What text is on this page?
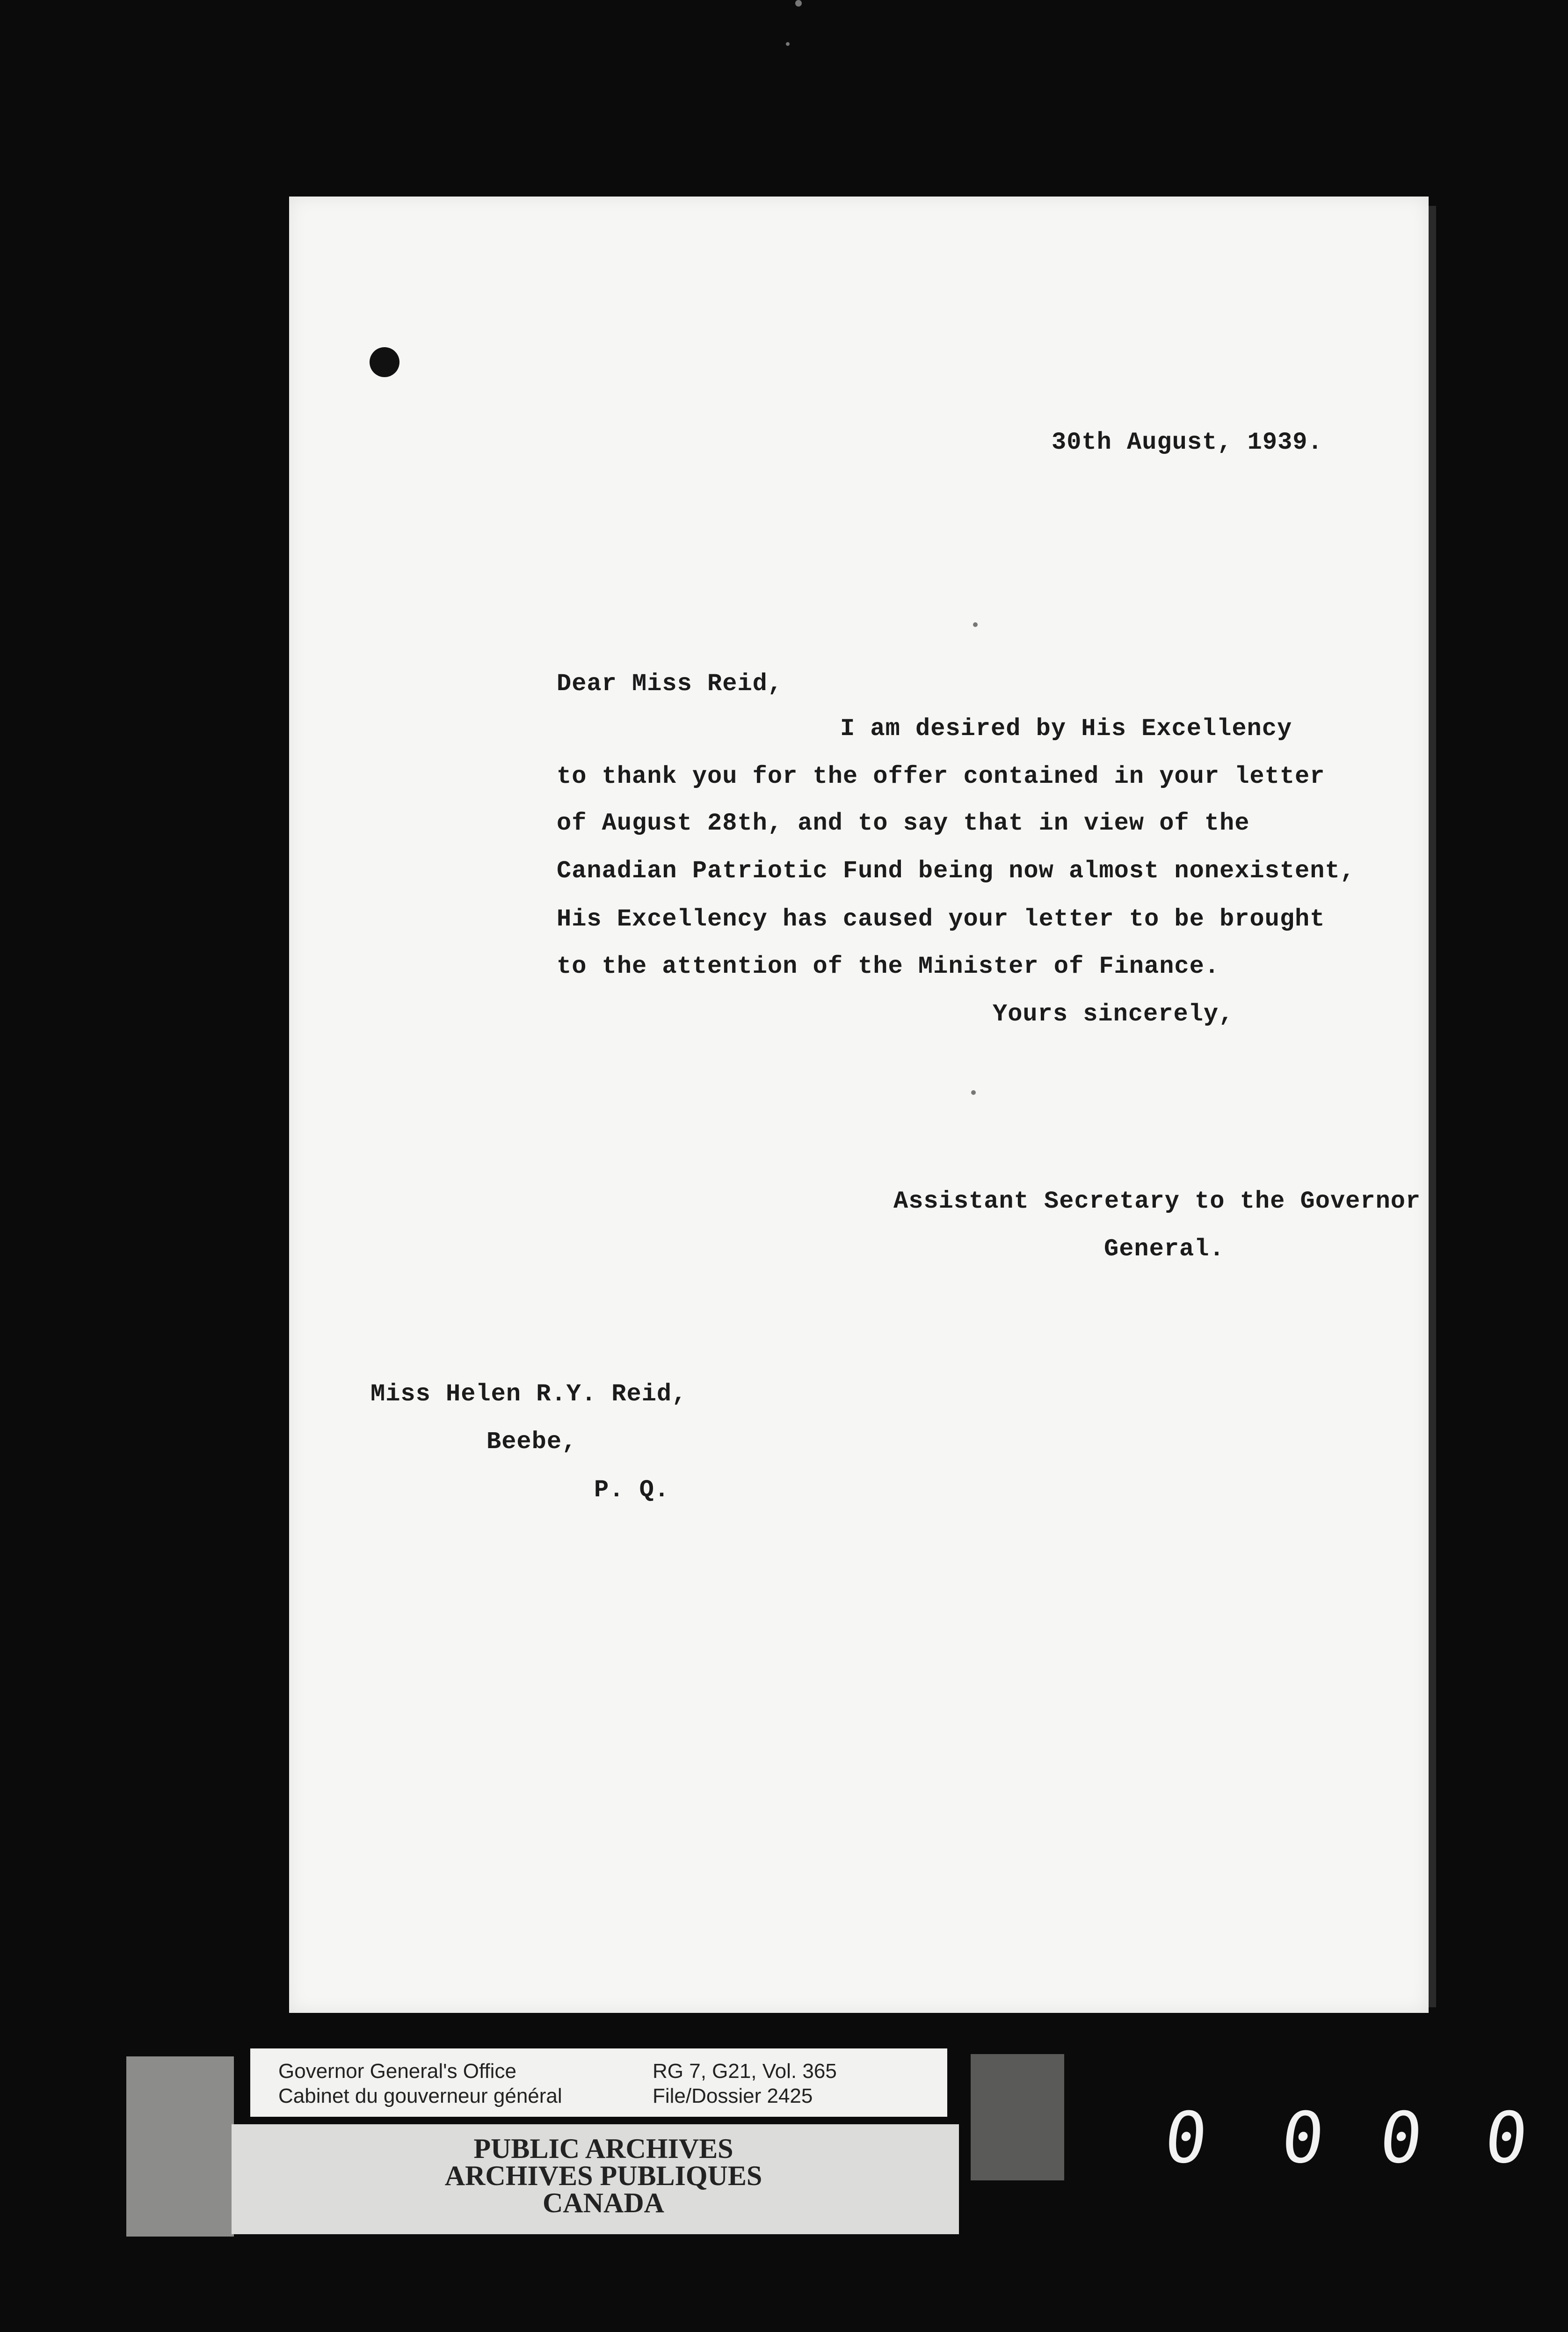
30th August, 1939.
Dear Miss Reid,
I am desired by His Excellency
to thank you for the offer contained in your letter
of August 28th, and to say that in view of the
Canadian Patriotic Fund being now almost nonexistent,
His Excellency has caused your letter to be brought
to the attention of the Minister of Finance.
Yours sincerely,
Assistant Secretary to the Governor
General.
Miss Helen R.Y. Reid,
Beebe,
P. Q.
Governor General's Office
Cabinet du gouverneur général
RG 7, G21, Vol. 365
File/Dossier 2425
PUBLIC ARCHIVES
ARCHIVES PUBLIQUES
CANADA
0 0 0 0
